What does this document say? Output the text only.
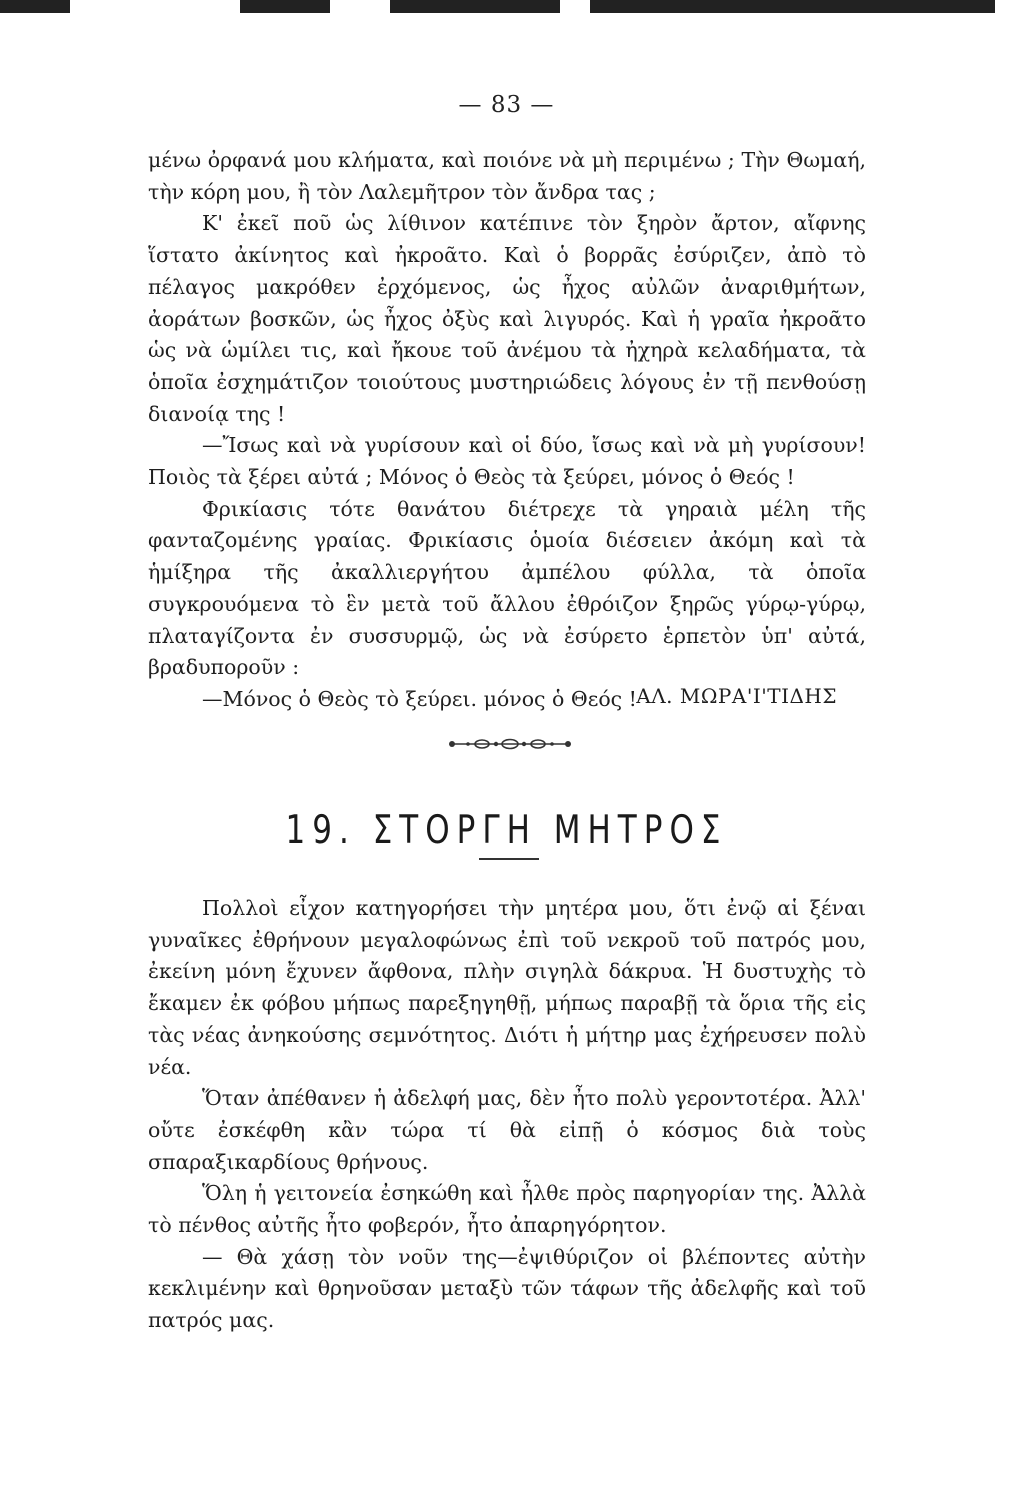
— 83 —

μένω ὀρφανά μου κλήματα, καὶ ποιόνε νὰ μὴ περιμένω ; Τὴν Θωμαή, τὴν κόρη μου, ἢ τὸν Λαλεμῆτρον τὸν ἄνδρα τας ;

Κ' ἐκεῖ ποῦ ὡς λίθινον κατέπινε τὸν ξηρὸν ἄρτον, αἴφνης ἵστατο ἀκίνητος καὶ ἠκροᾶτο. Καὶ ὁ βορρᾶς ἐσύριζεν, ἀπὸ τὸ πέλαγος μακρόθεν ἐρχόμενος, ὡς ἦχος αὐλῶν ἀναριθμήτων, ἀοράτων βοσκῶν, ὡς ἦχος ὀξὺς καὶ λιγυρός. Καὶ ἡ γραῖα ἠκροᾶτο ὡς νὰ ὡμίλει τις, καὶ ἤκουε τοῦ ἀνέμου τὰ ἠχηρὰ κελαδήματα, τὰ ὁποῖα ἐσχημάτιζον τοιούτους μυστηριώδεις λόγους ἐν τῇ πενθούσῃ διανοίᾳ της !

—Ἴσως καὶ νὰ γυρίσουν καὶ οἱ δύο, ἴσως καὶ νὰ μὴ γυρίσουν! Ποιὸς τὰ ξέρει αὐτά ; Μόνος ὁ Θεὸς τὰ ξεύρει, μόνος ὁ Θεός !

Φρικίασις τότε θανάτου διέτρεχε τὰ γηραιὰ μέλη τῆς φανταζομένης γραίας. Φρικίασις ὁμοία διέσειεν ἀκόμη καὶ τὰ ἡμίξηρα τῆς ἀκαλλιεργήτου ἀμπέλου φύλλα, τὰ ὁποῖα συγκρουόμενα τὸ ἓν μετὰ τοῦ ἄλλου ἐθρόιζον ξηρῶς γύρῳ-γύρῳ, πλαταγίζοντα ἐν συσσυρμῷ, ὡς νὰ ἐσύρετο ἑρπετὸν ὑπ' αὐτά, βραδυπορoῦν :

—Μόνος ὁ Θεὸς τὸ ξεύρει. μόνος ὁ Θεός ! ΑΛ. ΜΩΡΑ'Ι'ΤΙΔΗΣ
19. ΣΤΟΡΓΗ ΜΗΤΡΟΣ

Πολλοὶ εἶχον κατηγορήσει τὴν μητέρα μου, ὅτι ἐνῷ αἱ ξέναι γυναῖκες ἐθρήνουν μεγαλοφώνως ἐπὶ τοῦ νεκροῦ τοῦ πατρός μου, ἐκείνη μόνη ἔχυνεν ἄφθονα, πλὴν σιγηλὰ δάκρυα. Ἡ δυστυχὴς τὸ ἔκαμεν ἐκ φόβου μήπως παρεξηγηθῇ, μήπως παραβῇ τὰ ὅρια τῆς εἰς τὰς νέας ἀνηκούσης σεμνότητος. Διότι ἡ μήτηρ μας ἐχήρευσεν πολὺ νέα.

Ὅταν ἀπέθανεν ἡ ἀδελφή μας, δὲν ἦτο πολὺ γεροντοτέρα. Ἀλλ' οὔτε ἐσκέφθη κἂν τώρα τί θὰ εἰπῇ ὁ κόσμος διὰ τοὺς σπαραξικαρδίους θρήνους.

Ὅλη ἡ γειτονεία ἐσηκώθη καὶ ἦλθε πρὸς παρηγορίαν της. Ἀλλὰ τὸ πένθος αὐτῆς ἦτο φοβερόν, ἦτο ἀπαρηγόρητον.

— Θὰ χάσῃ τὸν νοῦν της—ἐψιθύριζον οἱ βλέποντες αὐτὴν κεκλιμένην καὶ θρηνοῦσαν μεταξὺ τῶν τάφων τῆς ἀδελφῆς καὶ τοῦ πατρός μας.
